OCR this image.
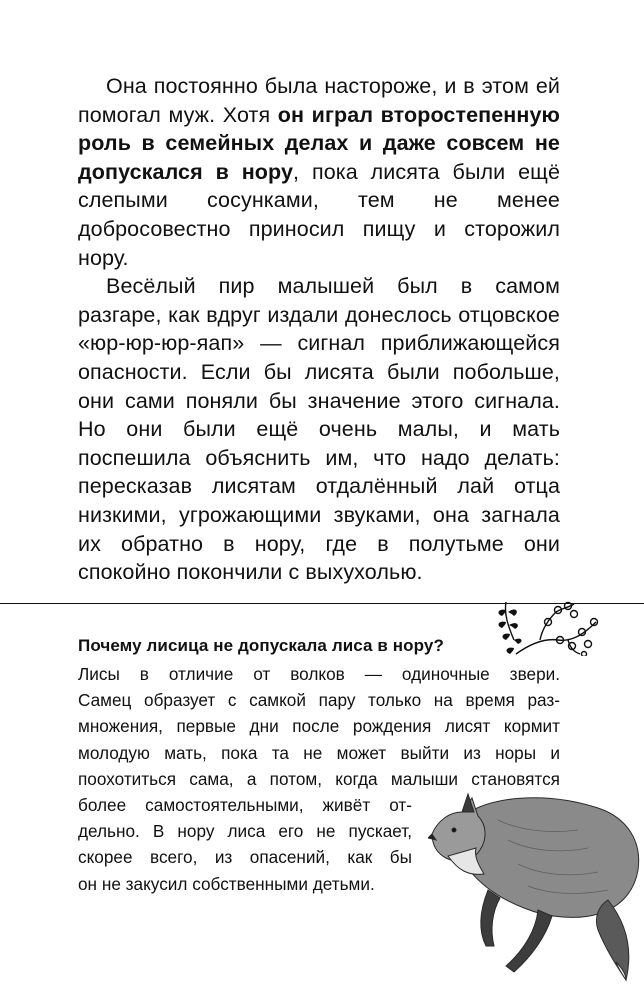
Она постоянно была настороже, и в этом ей помогал муж. Хотя он играл второстепенную роль в семейных делах и даже совсем не допускался в нору, пока лисята были ещё слепыми сосунками, тем не менее добросовестно приносил пищу и сторожил нору.

Весёлый пир малышей был в самом разгаре, как вдруг издали донеслось отцовское «юр-юр-юр-яап» — сигнал приближающейся опасности. Если бы лисята были побольше, они сами поняли бы значение этого сигнала. Но они были ещё очень малы, и мать поспешила объяснить им, что надо делать: пересказав лисятам отдалённый лай отца низкими, угрожающими звуками, она загнала их обратно в нору, где в полутьме они спокойно покончили с выхухолью.

Почему лисица не допускала лиса в нору?
Лисы в отличие от волков — одиночные звери.
Самец образует с самкой пару только на время раз-
множения, первые дни после рождения лисят кормит
молодую мать, пока та не может выйти из норы и
поохотиться сама, а потом, когда малыши становятся
более самостоятельными, живёт от-
дельно. В нору лиса его не пускает,
скорее всего, из опасений, как бы
он не закусил собственными детьми.
